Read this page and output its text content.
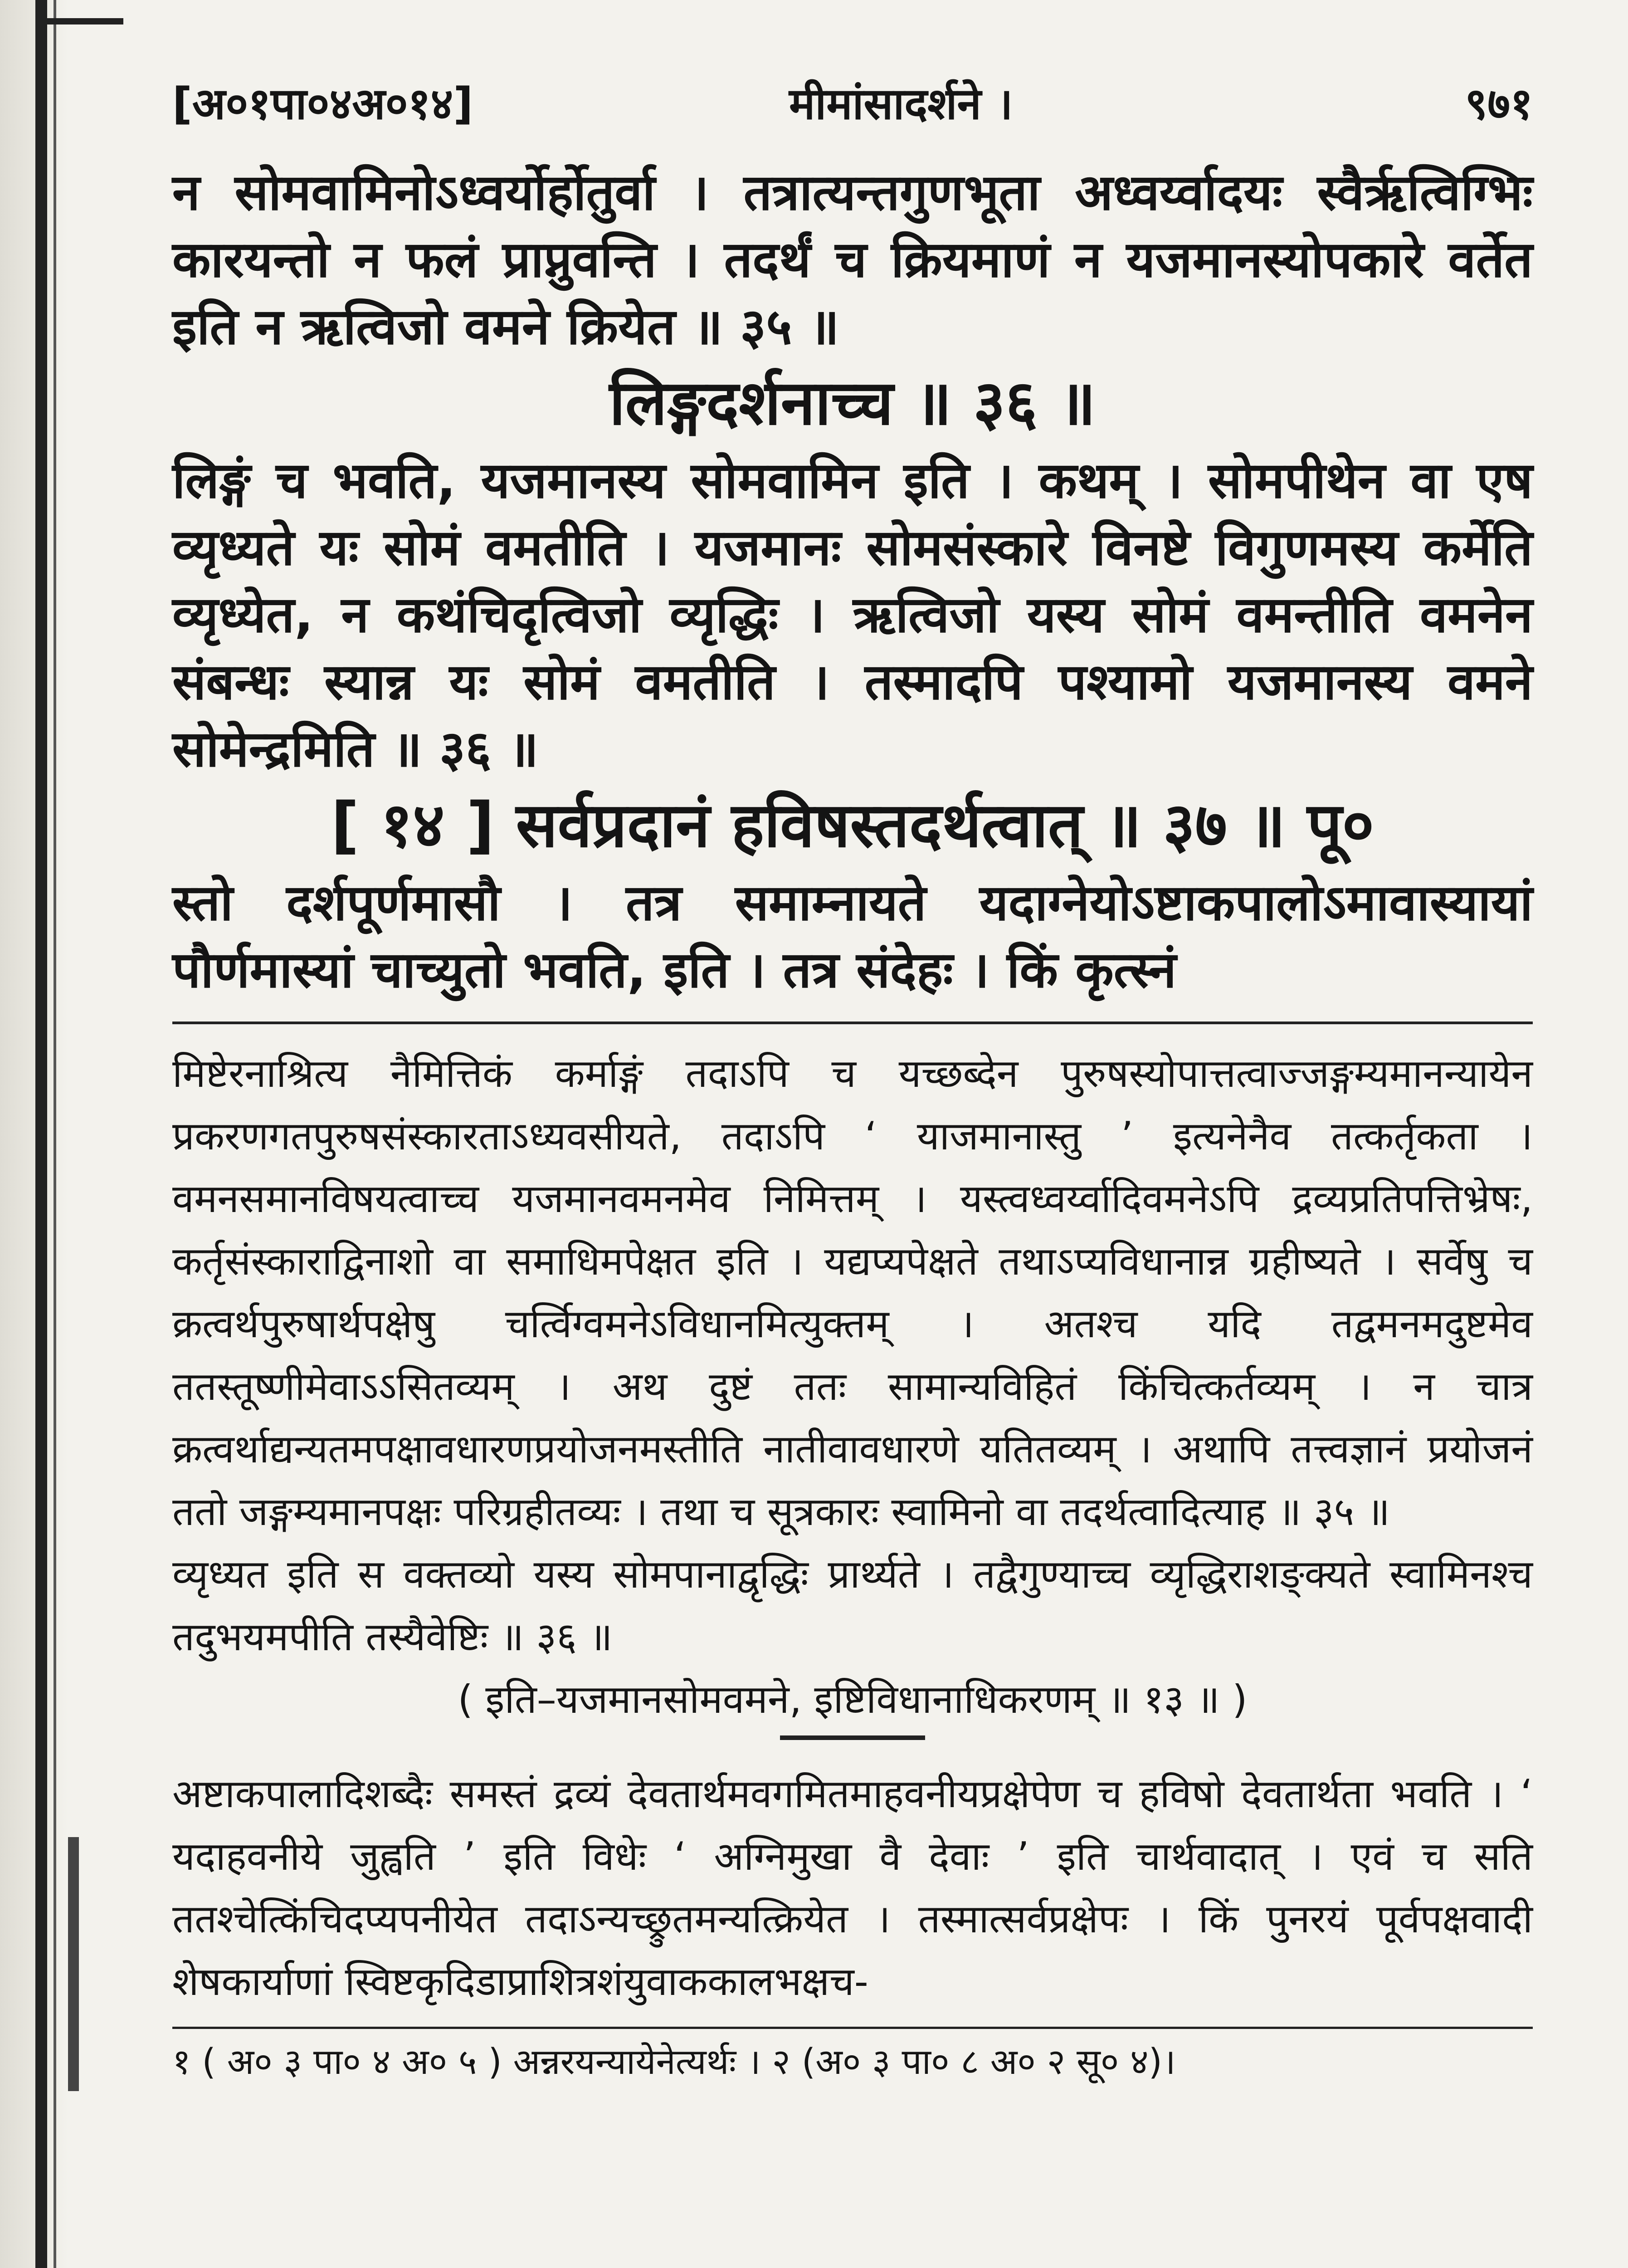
[अ०१पा०४अ०१४]	मीमांसादर्शने ।	९७१

न सोमवामिनोऽध्वर्योर्होतुर्वा । तत्रात्यन्तगुणभूता अध्वर्य्वादयः स्वैर्ऋत्विग्भिः कारयन्तो न फलं प्राप्नुवन्ति । तदर्थं च क्रियमाणं न यजमानस्योपकारे वर्तेत इति न ऋत्विजो वमने क्रियेत ॥ ३५ ॥

लिङ्गदर्शनाच्च ॥ ३६ ॥

लिङ्गं च भवति, यजमानस्य सोमवामिन इति । कथम् । सोमपीथेन वा एष व्यृध्यते यः सोमं वमतीति । यजमानः सोमसंस्कारे विनष्टे विगुणमस्य कर्मेति व्यृध्येत, न कथंचिदृत्विजो व्यृद्धिः । ऋत्विजो यस्य सोमं वमन्तीति वमनेन संबन्धः स्यान्न यः सोमं वमतीति । तस्मादपि पश्यामो यजमानस्य वमने सोमेन्द्रमिति ॥ ३६ ॥

[ १४ ] सर्वप्रदानं हविषस्तदर्थत्वात् ॥ ३७ ॥ पू०

स्तो दर्शपूर्णमासौ । तत्र समाम्नायते यदाग्नेयोऽष्टाकपालोऽमावास्यायां पौर्णमास्यां चाच्युतो भवति, इति । तत्र संदेहः । किं कृत्स्नं

मिष्टेरनाश्रित्य नैमित्तिकं कर्माङ्गं तदाऽपि च यच्छब्देन पुरुषस्योपात्तत्वाज्जङ्गम्यमानन्यायेन प्रकरणगतपुरुषसंस्कारताऽध्यवसीयते, तदाऽपि ‘ याजमानास्तु ’ इत्यनेनैव तत्कर्तृकता । वमनसमानविषयत्वाच्च यजमानवमनमेव निमित्तम् । यस्त्वध्वर्य्वादिवमनेऽपि द्रव्यप्रतिपत्तिभ्रेषः, कर्तृसंस्काराद्विनाशो वा समाधिमपेक्षत इति । यद्यप्यपेक्षते तथाऽप्यविधानान्न ग्रहीष्यते । सर्वेषु च क्रत्वर्थपुरुषार्थपक्षेषु चर्त्विग्वमनेऽविधानमित्युक्तम् । अतश्च यदि तद्वमनमदुष्टमेव ततस्तूष्णीमेवाऽऽसितव्यम् । अथ दुष्टं ततः सामान्यविहितं किंचित्कर्तव्यम् । न चात्र क्रत्वर्थाद्यन्यतमपक्षावधारणप्रयोजनमस्तीति नातीवावधारणे यतितव्यम् । अथापि तत्त्वज्ञानं प्रयोजनं ततो जङ्गम्यमानपक्षः परिग्रहीतव्यः । तथा च सूत्रकारः स्वामिनो वा तदर्थत्वादित्याह ॥ ३५ ॥

व्यृध्यत इति स वक्तव्यो यस्य सोमपानाद्वृद्धिः प्रार्थ्यते । तद्वैगुण्याच्च व्यृद्धिराशङ्क्यते स्वामिनश्च तदुभयमपीति तस्यैवेष्टिः ॥ ३६ ॥

( इति–यजमानसोमवमने, इष्टिविधानाधिकरणम् ॥ १३ ॥ )

अष्टाकपालादिशब्दैः समस्तं द्रव्यं देवतार्थमवगमितमाहवनीयप्रक्षेपेण च हविषो देवतार्थता भवति । ‘ यदाहवनीये जुह्वति ’ इति विधेः ‘ अग्निमुखा वै देवाः ’ इति चार्थवादात् । एवं च सति ततश्चेत्किंचिदप्यपनीयेत तदाऽन्यच्छ्रुतमन्यत्क्रियेत । तस्मात्सर्वप्रक्षेपः । किं पुनरयं पूर्वपक्षवादी शेषकार्याणां स्विष्टकृदिडाप्राशित्रशंयुवाककालभक्षच-

१ ( अ० ३ पा० ४ अ० ५ ) अन्नरयन्यायेनेत्यर्थः । २ (अ० ३ पा० ८ अ० २ सू० ४)।
